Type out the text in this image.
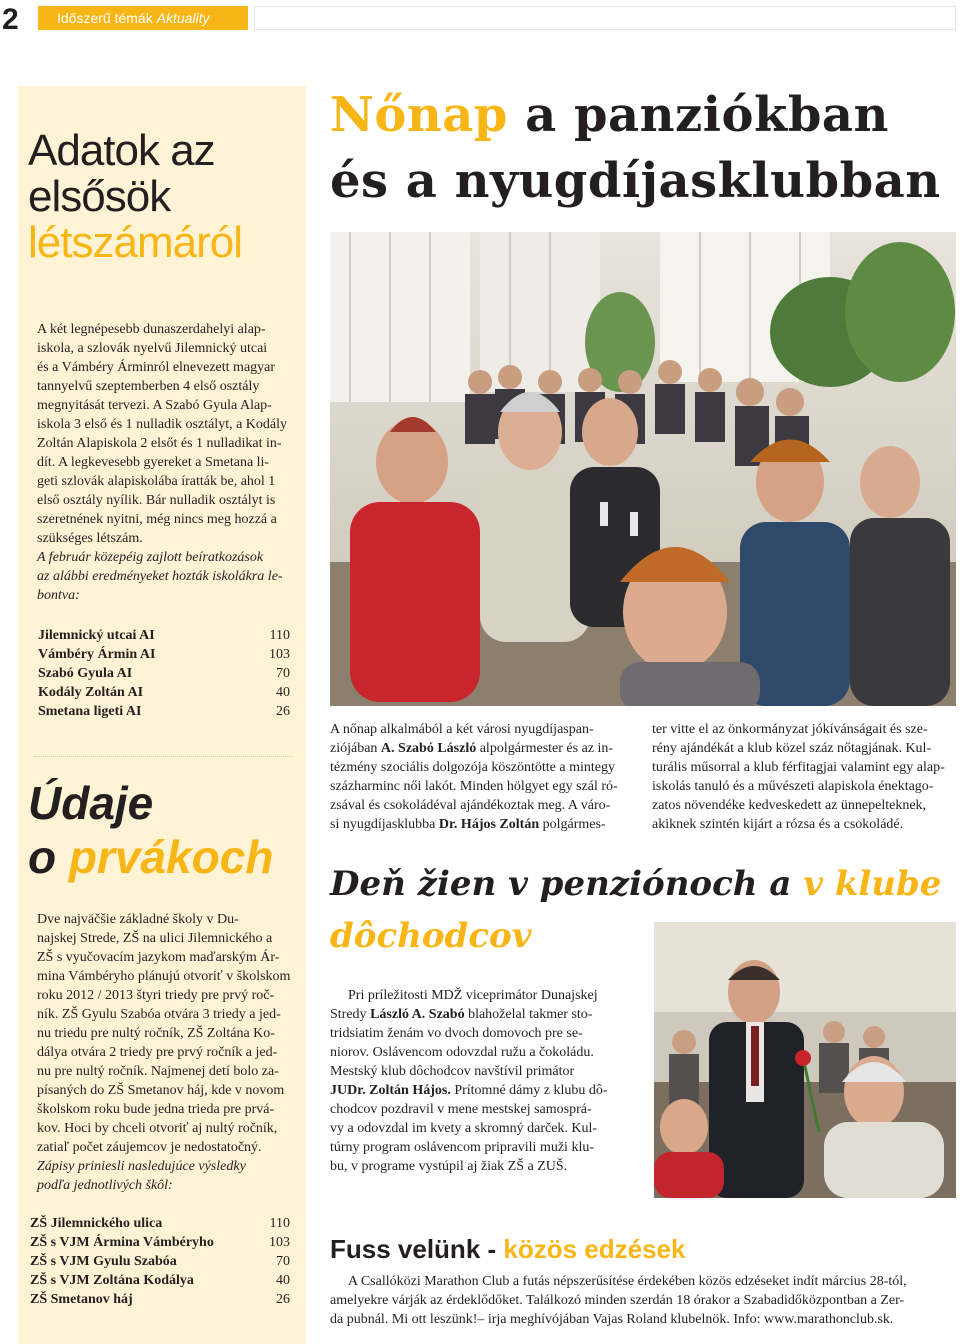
2	Időszerű témák Aktuality
Adatok az
elsősök
létszámáról
A két legnépesebb dunaszerdahelyi alap-
iskola, a szlovák nyelvű Jilemnický utcai
és a Vámbéry Árminról elnevezett magyar
tannyelvű szeptemberben 4 első osztály
megnyitását tervezi. A Szabó Gyula Alap-
iskola 3 első és 1 nulladik osztályt, a Kodály
Zoltán Alapiskola 2 elsőt és 1 nulladikat in-
dít. A legkevesebb gyereket a Smetana li-
geti szlovák alapiskolába íratták be, ahol 1
első osztály nyílik. Bár nulladik osztályt is
szeretnének nyitni, még nincs meg hozzá a
szükséges létszám.
A február közepéig zajlott beíratkozások
az alábbi eredményeket hozták iskolákra le-
bontva:
Jilemnický utcai AI	110
Vámbéry Ármin AI	103
Szabó Gyula AI	70
Kodály Zoltán AI	40
Smetana ligeti AI	26
Údaje
o prvákoch
Dve najväčšie základné školy v Du-
najskej Strede, ZŠ na ulici Jilemnického a
ZŠ s vyučovacím jazykom maďarským Ár-
mina Vámbéryho plánujú otvoriť v školskom
roku 2012 / 2013 štyri triedy pre prvý roč-
ník. ZŠ Gyulu Szabóa otvára 3 triedy a jed-
nu triedu pre nultý ročník, ZŠ Zoltána Ko-
dálya otvára 2 triedy pre prvý ročník a jed-
nu pre nultý ročník. Najmenej detí bolo za-
písaných do ZŠ Smetanov háj, kde v novom
školskom roku bude jedna trieda pre prvá-
kov. Hoci by chceli otvoriť aj nultý ročník,
zatiaľ počet záujemcov je nedostatočný.
Zápisy priniesli nasledujúce výsledky
podľa jednotlivých škôl:
ZŠ Jilemnického ulica	110
ZŠ s VJM Ármina Vámbéryho	103
ZŠ s VJM Gyulu Szabóa	70
ZŠ s VJM Zoltána Kodálya	40
ZŠ Smetanov háj	26
Nőnap a panziókban
és a nyugdíjasklubban
A nőnap alkalmából a két városi nyugdíjaspan-
ziójában A. Szabó László alpolgármester és az in-
tézmény szociális dolgozója köszöntötte a mintegy
százharminc női lakót. Minden hölgyet egy szál ró-
zsával és csokoládéval ajándékoztak meg. A váro-
si nyugdíjasklubba Dr. Hájos Zoltán polgármes-
ter vitte el az önkormányzat jókívánságait és sze-
rény ajándékát a klub közel száz nőtagjának. Kul-
turális műsorral a klub férfitagjai valamint egy alap-
iskolás tanuló és a művészeti alapiskola énektago-
zatos növendéke kedveskedett az ünnepelteknek,
akiknek szintén kijárt a rózsa és a csokoládé.
Deň žien v penziónoch a v klube
dôchodcov
Pri príležitosti MDŽ viceprimátor Dunajskej
Stredy László A. Szabó blahoželal takmer sto-
tridsiatim ženám vo dvoch domovoch pre se-
niorov. Oslávencom odovzdal ružu a čokoládu.
Mestský klub dôchodcov navštívil primátor
JUDr. Zoltán Hájos. Prítomné dámy z klubu dô-
chodcov pozdravil v mene mestskej samosprá-
vy a odovzdal im kvety a skromný darček. Kul-
túrny program oslávencom pripravili muži klu-
bu, v programe vystúpil aj žiak ZŠ a ZUŠ.
Fuss velünk - közös edzések
A Csallóközi Marathon Club a futás népszerűsítése érdekében közös edzéseket indít március 28-tól,
amelyekre várják az érdeklődőket. Találkozó minden szerdán 18 órakor a Szabadidőközpontban a Zer-
da pubnál. Mi ott leszünk!– irja meghívójában Vajas Roland klubelnök. Info: www.marathonclub.sk.
